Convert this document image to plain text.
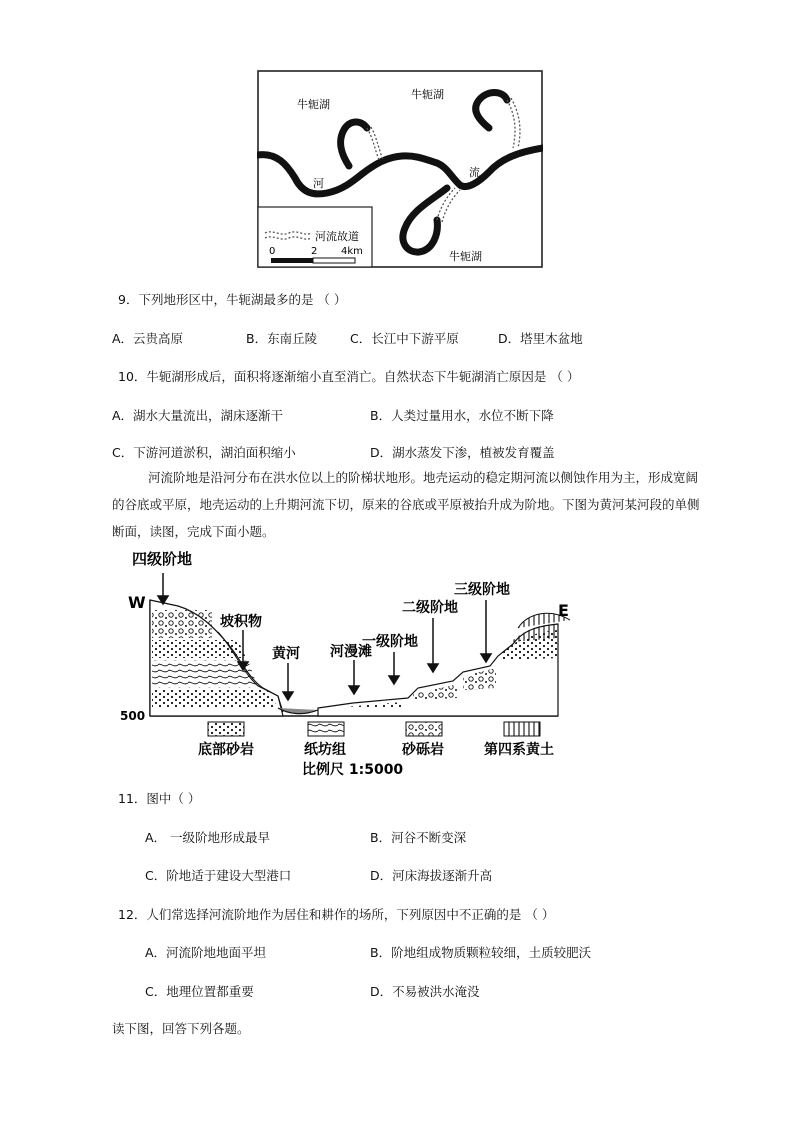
牛轭湖
牛轭湖
牛轭湖
河
流
河流故道
0	2 4km
9．下列地形区中，牛轭湖最多的是 （ ）
A．云贵高原	B．东南丘陵	C．长江中下游平原	D．塔里木盆地
10．牛轭湖形成后，面积将逐渐缩小直至消亡。自然状态下牛轭湖消亡原因是 （ ）
A．湖水大量流出，湖床逐渐干	B．人类过量用水，水位不断下降
C．下游河道淤积，湖泊面积缩小	D．湖水蒸发下渗，植被发育覆盖
河流阶地是沿河分布在洪水位以上的阶梯状地形。地壳运动的稳定期河流以侧蚀作用为主，形成宽阔的谷底或平原，地壳运动的上升期河流下切，原来的谷底或平原被抬升成为阶地。下图为黄河某河段的单侧断面，读图，完成下面小题。
四级阶地
W	E
坡积物
黄河 河漫滩
一级阶地
二级阶地
三级阶地
500
底部砂岩	纸坊组	砂砾岩	第四系黄土
比例尺 1:5000
11．图中（ ）
A． 一级阶地形成最早	B．河谷不断变深
C．阶地适于建设大型港口	D．河床海拔逐渐升高
12．人们常选择河流阶地作为居住和耕作的场所，下列原因中不正确的是 （ ）
A．河流阶地地面平坦	B．阶地组成物质颗粒较细，土质较肥沃
C．地理位置都重要	D．不易被洪水淹没
读下图，回答下列各题。
